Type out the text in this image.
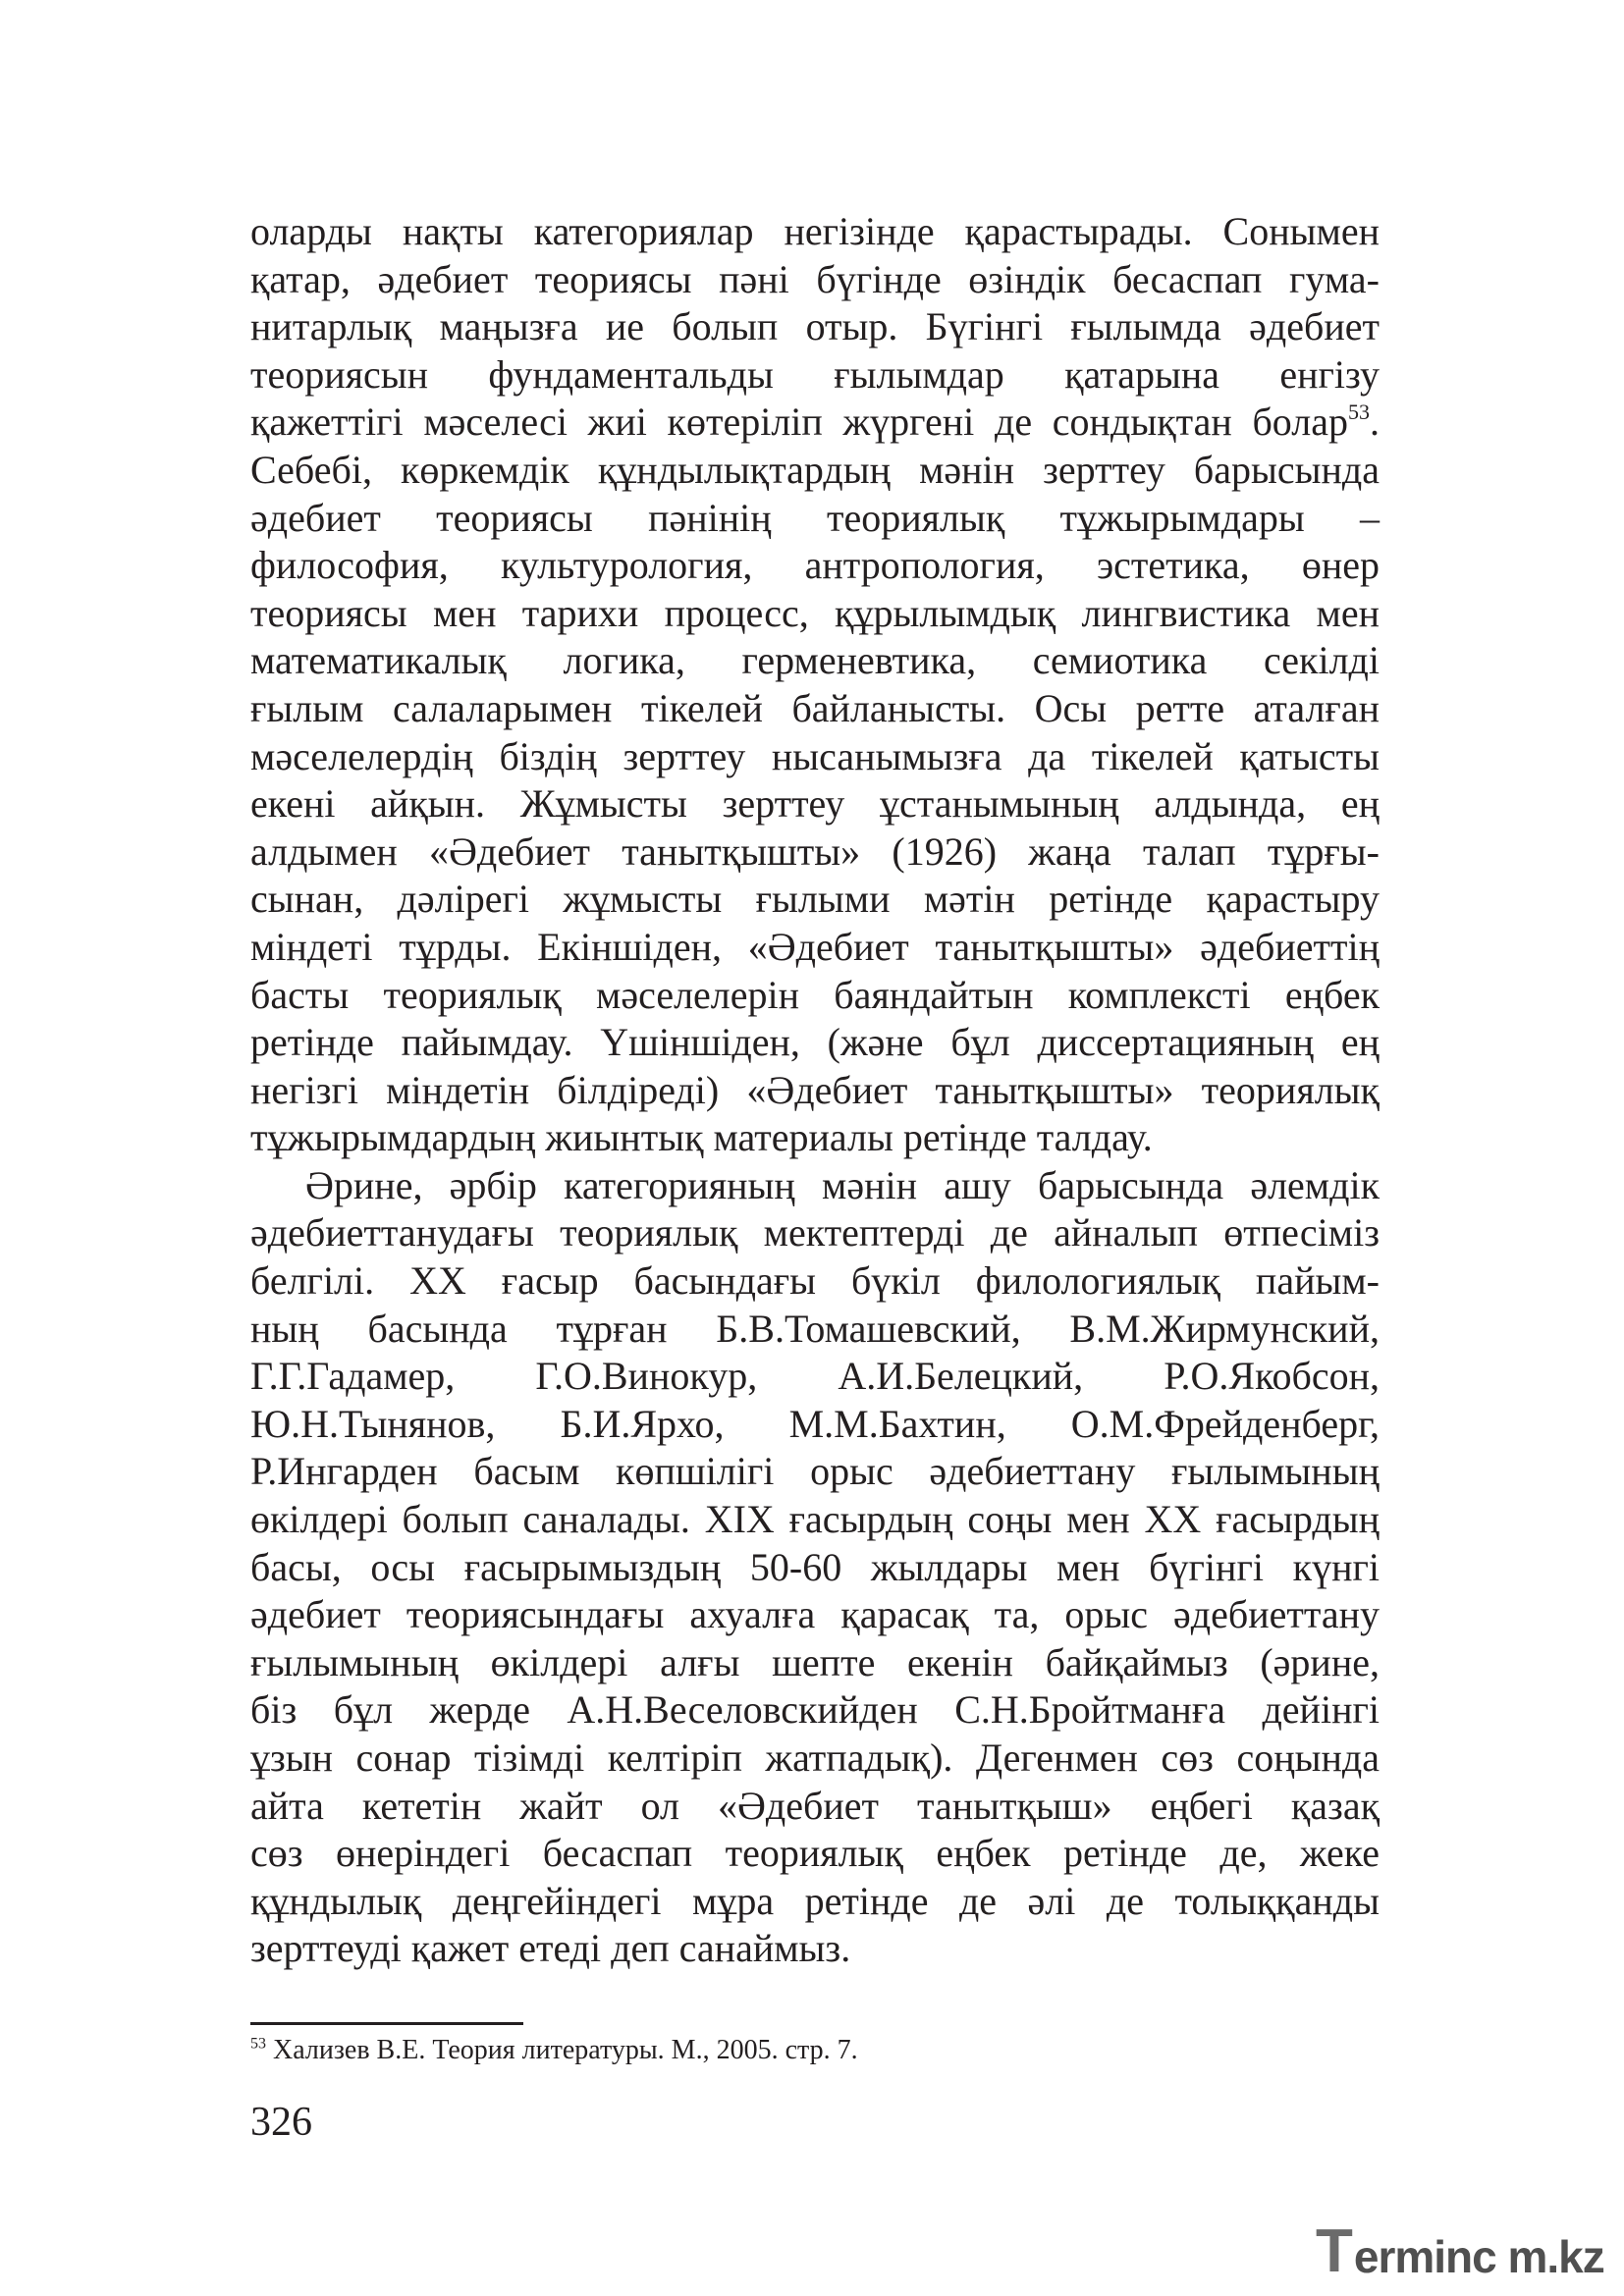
оларды нақты категориялар негізінде қарастырады. Сонымен
қатар, әдебиет теориясы пәні бүгінде өзіндік бесаспап гума-
нитарлық маңызға ие болып отыр. Бүгінгі ғылымда әдебиет
теориясын фундаментальды ғылымдар қатарына енгізу
қажеттігі мәселесі жиі көтеріліп жүргені де сондықтан болар$^{53}$.
Себебі, көркемдік құндылықтардың мәнін зерттеу барысында
әдебиет теориясы пәнінің теориялық тұжырымдары –
философия, культурология, антропология, эстетика, өнер
теориясы мен тарихи процесс, құрылымдық лингвистика мен
математикалық логика, герменевтика, семиотика секілді
ғылым салаларымен тікелей байланысты. Осы ретте аталған
мәселелердің біздің зерттеу нысанымызға да тікелей қатысты
екені айқын. Жұмысты зерттеу ұстанымының алдында, ең
алдымен «Әдебиет танытқышты» (1926) жаңа талап тұрғы-
сынан, дәлірегі жұмысты ғылыми мәтін ретінде қарастыру
міндеті тұрды. Екіншіден, «Әдебиет танытқышты» әдебиеттің
басты теориялық мәселелерін баяндайтын комплексті еңбек
ретінде пайымдау. Үшіншіден, (және бұл диссертацияның ең
негізгі міндетін білдіреді) «Әдебиет танытқышты» теориялық
тұжырымдардың жиынтық материалы ретінде талдау.
Әрине, әрбір категорияның мәнін ашу барысында әлемдік
әдебиеттанудағы теориялық мектептерді де айналып өтпесіміз
белгілі. ХХ ғасыр басындағы бүкіл филологиялық пайым-
ның басында тұрған Б.В.Томашевский, В.М.Жирмунский,
Г.Г.Гадамер, Г.О.Винокур, А.И.Белецкий, Р.О.Якобсон,
Ю.Н.Тынянов, Б.И.Ярхо, М.М.Бахтин, О.М.Фрейденберг,
Р.Ингарден басым көпшілігі орыс әдебиеттану ғылымының
өкілдері болып саналады. ХІХ ғасырдың соңы мен ХХ ғасырдың
басы, осы ғасырымыздың 50-60 жылдары мен бүгінгі күнгі
әдебиет теориясындағы ахуалға қарасақ та, орыс әдебиеттану
ғылымының өкілдері алғы шепте екенін байқаймыз (әрине,
біз бұл жерде А.Н.Веселовскийден С.Н.Бройтманға дейінгі
ұзын сонар тізімді келтіріп жатпадық). Дегенмен сөз соңында
айта кететін жайт ол «Әдебиет танытқыш» еңбегі қазақ
сөз өнеріндегі бесаспап теориялық еңбек ретінде де, жеке
құндылық деңгейіндегі мұра ретінде де әлі де толыққанды
зерттеуді қажет етеді деп санаймыз.
$^{53}$ Хализев В.Е. Теория литературы. М., 2005. стр. 7.
326
T erminc m.kz
